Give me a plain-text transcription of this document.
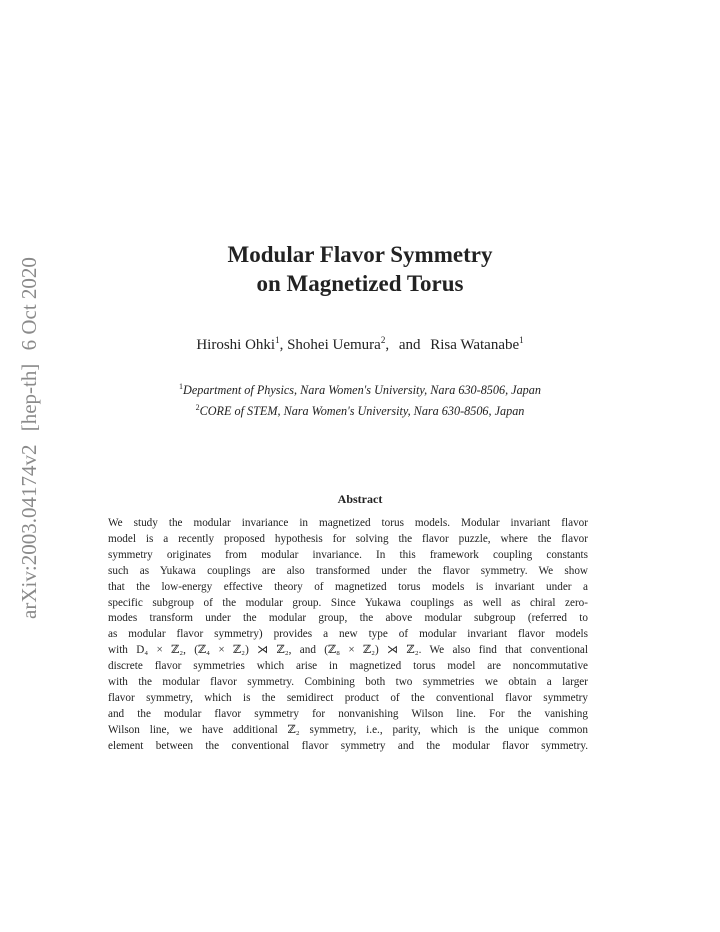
arXiv:2003.04174v2 [hep-th] 6 Oct 2020
Modular Flavor Symmetry
on Magnetized Torus
Hiroshi Ohki$^1$, Shohei Uemura$^2$, and Risa Watanabe$^1$
$^1$Department of Physics, Nara Women's University, Nara 630-8506, Japan
$^2$CORE of STEM, Nara Women's University, Nara 630-8506, Japan
Abstract
We study the modular invariance in magnetized torus models. Modular invariant flavor
model is a recently proposed hypothesis for solving the flavor puzzle, where the flavor
symmetry originates from modular invariance. In this framework coupling constants
such as Yukawa couplings are also transformed under the flavor symmetry. We show
that the low-energy effective theory of magnetized torus models is invariant under a
specific subgroup of the modular group. Since Yukawa couplings as well as chiral zero-
modes transform under the modular group, the above modular subgroup (referred to
as modular flavor symmetry) provides a new type of modular invariant flavor models
with D₄ × ℤ₂, (ℤ₄ × ℤ₂) ⋊ ℤ₂, and (ℤ₈ × ℤ₂) ⋊ ℤ₂. We also find that conventional
discrete flavor symmetries which arise in magnetized torus model are noncommutative
with the modular flavor symmetry. Combining both two symmetries we obtain a larger
flavor symmetry, which is the semidirect product of the conventional flavor symmetry
and the modular flavor symmetry for nonvanishing Wilson line. For the vanishing
Wilson line, we have additional ℤ₂ symmetry, i.e., parity, which is the unique common
element between the conventional flavor symmetry and the modular flavor symmetry.
